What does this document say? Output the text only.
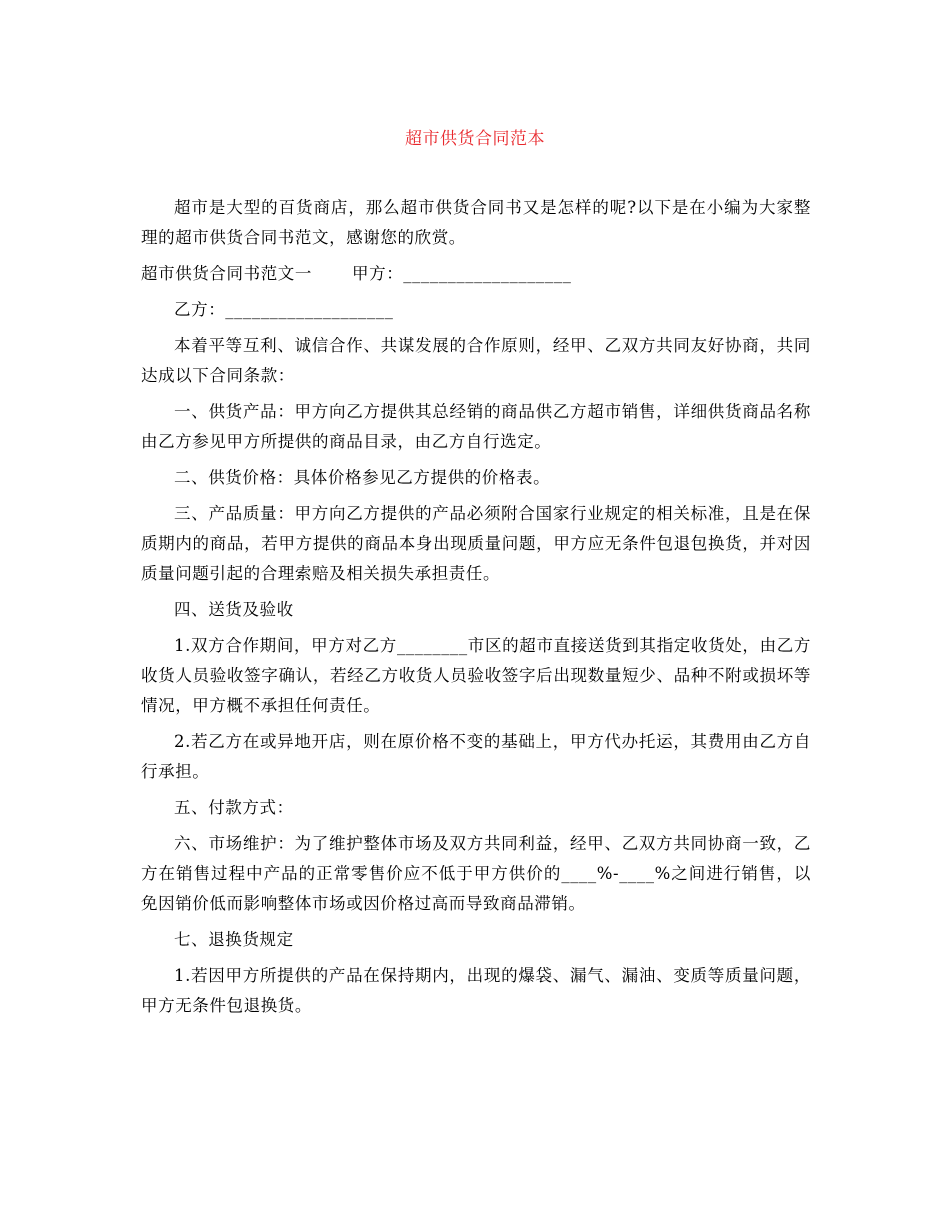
超市供货合同范本

超市是大型的百货商店，那么超市供货合同书又是怎样的呢?以下是在小编为大家整理的超市供货合同书范文，感谢您的欣赏。

超市供货合同书范文一 甲方：___________________

乙方：___________________

本着平等互利、诚信合作、共谋发展的合作原则，经甲、乙双方共同友好协商，共同达成以下合同条款：

一、供货产品：甲方向乙方提供其总经销的商品供乙方超市销售，详细供货商品名称由乙方参见甲方所提供的商品目录，由乙方自行选定。

二、供货价格：具体价格参见乙方提供的价格表。

三、产品质量：甲方向乙方提供的产品必须附合国家行业规定的相关标准，且是在保质期内的商品，若甲方提供的商品本身出现质量问题，甲方应无条件包退包换货，并对因质量问题引起的合理索赔及相关损失承担责任。

四、送货及验收

1.双方合作期间，甲方对乙方________市区的超市直接送货到其指定收货处，由乙方收货人员验收签字确认，若经乙方收货人员验收签字后出现数量短少、品种不附或损坏等情况，甲方概不承担任何责任。

2.若乙方在或异地开店，则在原价格不变的基础上，甲方代办托运，其费用由乙方自行承担。

五、付款方式：

六、市场维护：为了维护整体市场及双方共同利益，经甲、乙双方共同协商一致，乙方在销售过程中产品的正常零售价应不低于甲方供价的____%-____%之间进行销售，以免因销价低而影响整体市场或因价格过高而导致商品滞销。

七、退换货规定

1.若因甲方所提供的产品在保持期内，出现的爆袋、漏气、漏油、变质等质量问题，甲方无条件包退换货。
